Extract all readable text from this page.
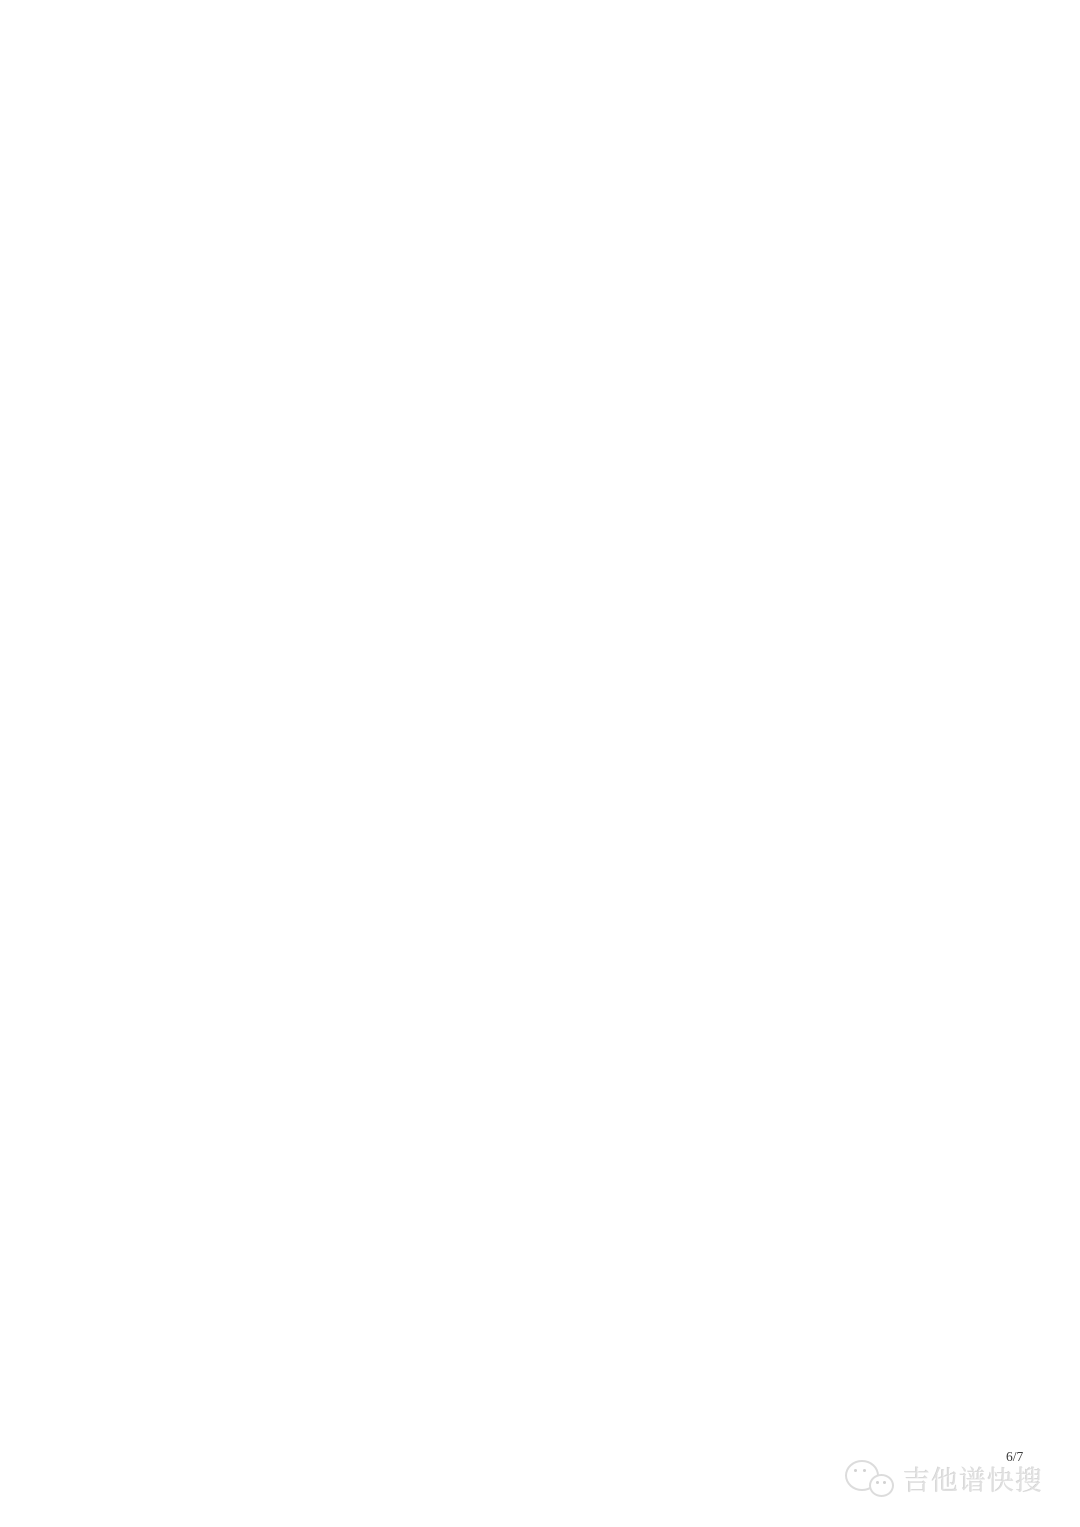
吉他谱快搜
6/7
